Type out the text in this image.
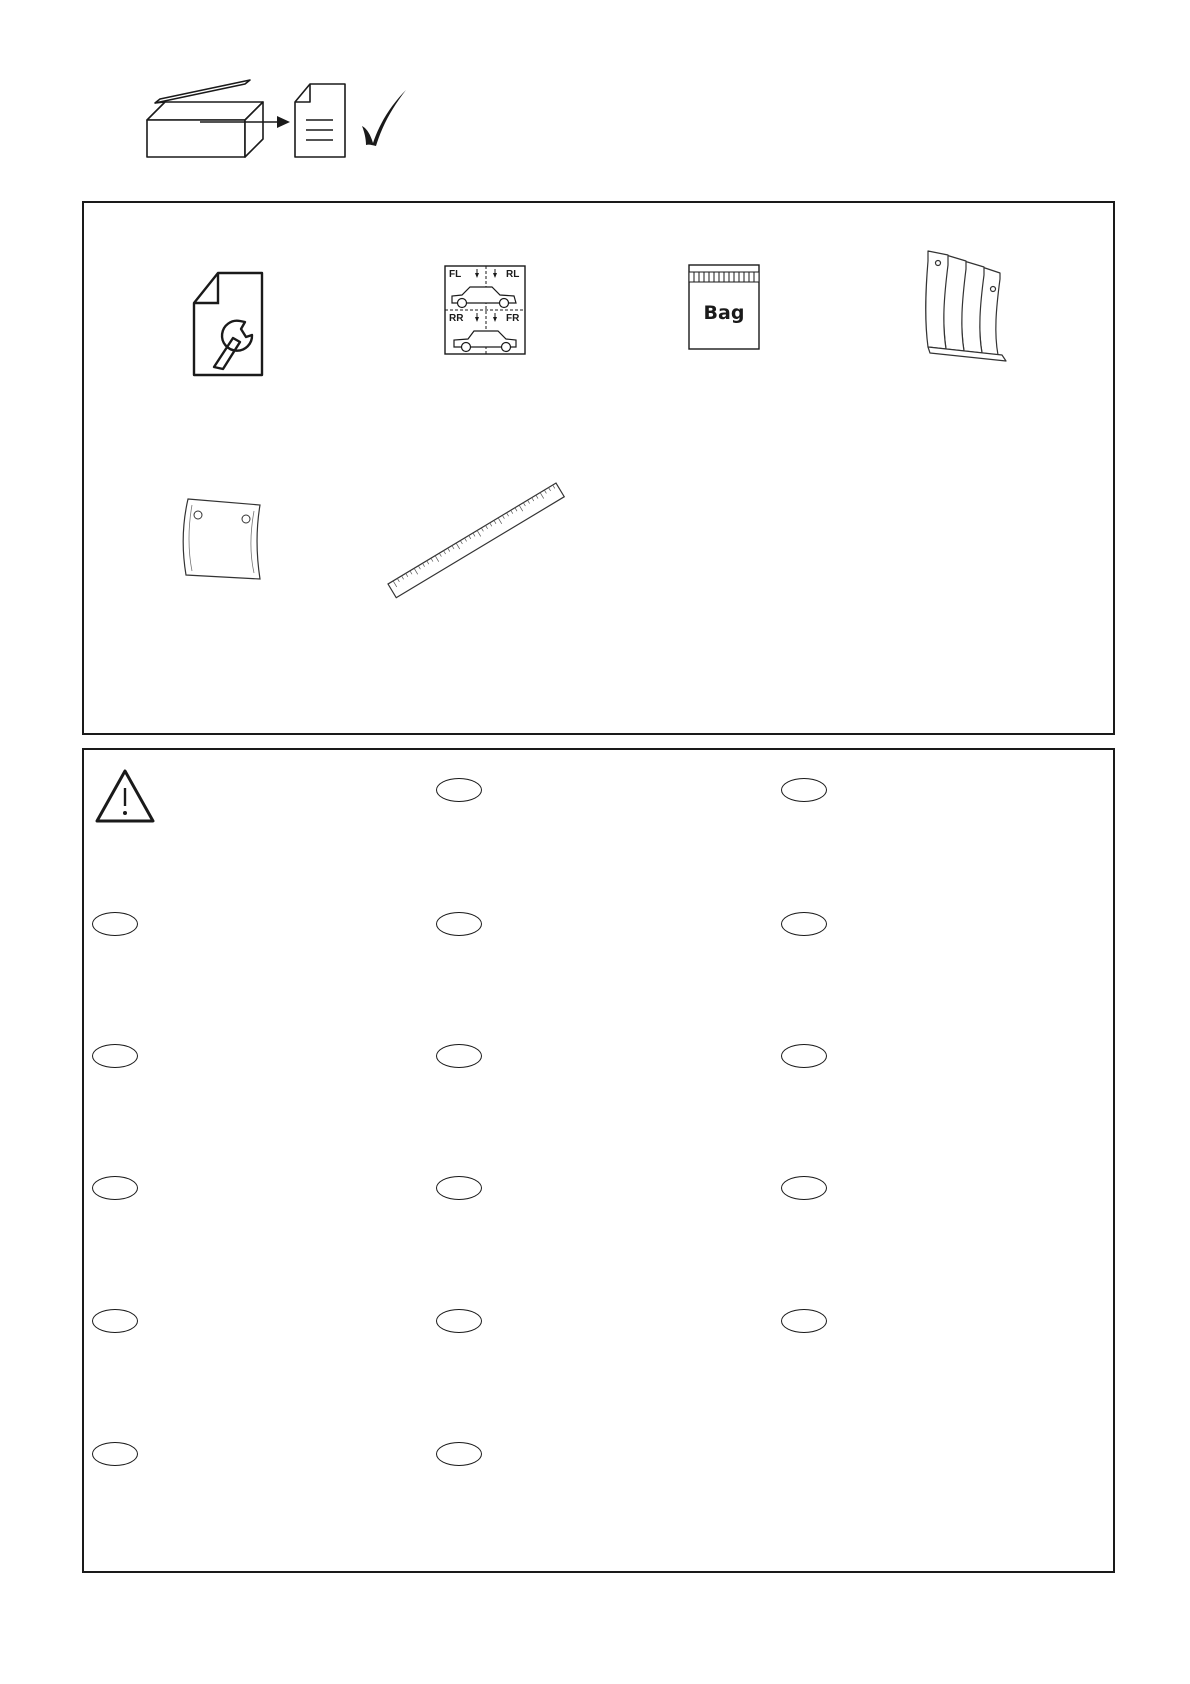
FL	RL
RR	FR	Bag
